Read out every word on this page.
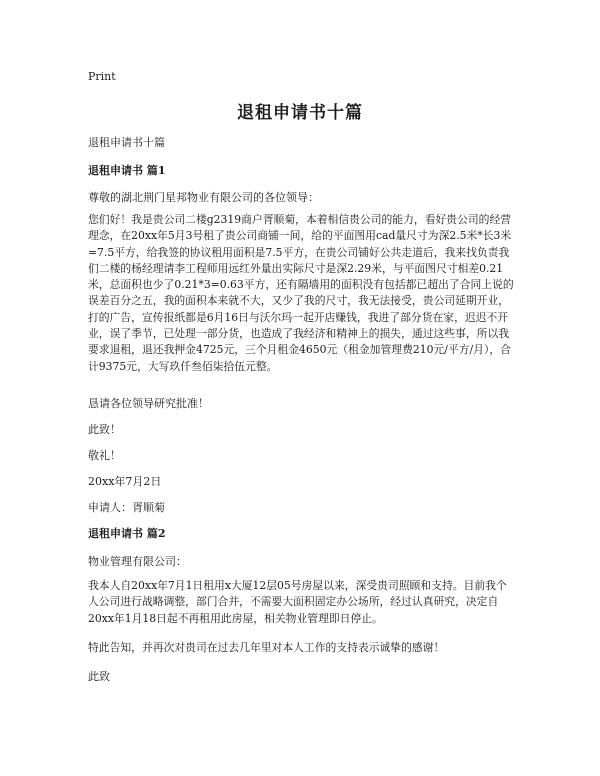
Print
退租申请书十篇
退租申请书十篇
退租申请书 篇1
尊敬的湖北荆门星邦物业有限公司的各位领导：
您们好！我是贵公司二楼g2319商户胥顺菊，本着相信贵公司的能力，看好贵公司的经营理念，在20xx年5月3号租了贵公司商铺一间，给的平面图用cad量尺寸为深2.5米*长3米=7.5平方，给我签的协议租用面积是7.5平方，在贵公司铺好公共走道后，我来找负责我们二楼的杨经理请李工程师用远红外量出实际尺寸是深2.29米，与平面图尺寸相差0.21米，总面积也少了0.21*3=0.63平方，还有隔墙用的面积没有包括都已超出了合同上说的误差百分之五，我的面积本来就不大，又少了我的尺寸，我无法接受，贵公司延期开业，打的广告，宣传报纸都是6月16日与沃尔玛一起开店赚钱，我进了部分货在家，迟迟不开业，误了季节，已处理一部分货，也造成了我经济和精神上的损失，通过这些事，所以我要求退租，退还我押金4725元，三个月租金4650元（租金加管理费210元/平方/月），合计9375元，大写玖仟叁佰柒拾伍元整。
恳请各位领导研究批准！
此致！
敬礼！
20xx年7月2日
申请人：胥顺菊
退租申请书 篇2
物业管理有限公司：
我本人自20xx年7月1日租用x大厦12层05号房屋以来，深受贵司照顾和支持。目前我个人公司进行战略调整，部门合并，不需要大面积固定办公场所，经过认真研究，决定自20xx年1月18日起不再租用此房屋，相关物业管理即日停止。
特此告知，并再次对贵司在过去几年里对本人工作的支持表示诚挚的感谢！
此致
